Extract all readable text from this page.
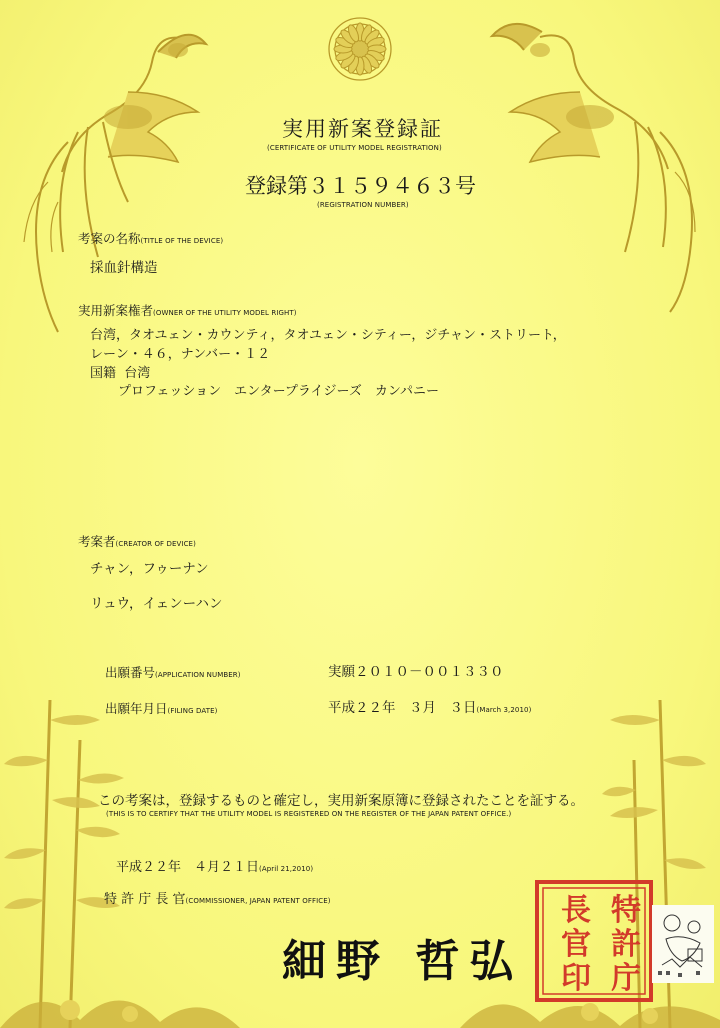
実用新案登録証
(CERTIFICATE OF UTILITY MODEL REGISTRATION)
登録第３１５９４６３号
(REGISTRATION NUMBER)
考案の名称(TITLE OF THE DEVICE)
採血針構造
実用新案権者(OWNER OF THE UTILITY MODEL RIGHT)
台湾，タオユェン・カウンティ，タオユェン・シティー，ジチャン・ストリート，
レーン・４６，ナンバー・１２
国籍 台湾
プロフェッション　エンタープライジーズ　カンパニー
考案者(CREATOR OF DEVICE)
チャン，フゥーナン
リュウ，イェンーハン
出願番号(APPLICATION NUMBER)	実願２０１０－００１３３０
出願年月日(FILING DATE)	平成２２年　３月　３日(March 3,2010)
この考案は，登録するものと確定し，実用新案原簿に登録されたことを証する。
(THIS IS TO CERTIFY THAT THE UTILITY MODEL IS REGISTERED ON THE REGISTER OF THE JAPAN PATENT OFFICE.)
平成２２年　４月２１日(April 21,2010)
特 許 庁 長 官(COMMISSIONER, JAPAN PATENT OFFICE)
細野 哲弘
特
許
庁
長
官
印
